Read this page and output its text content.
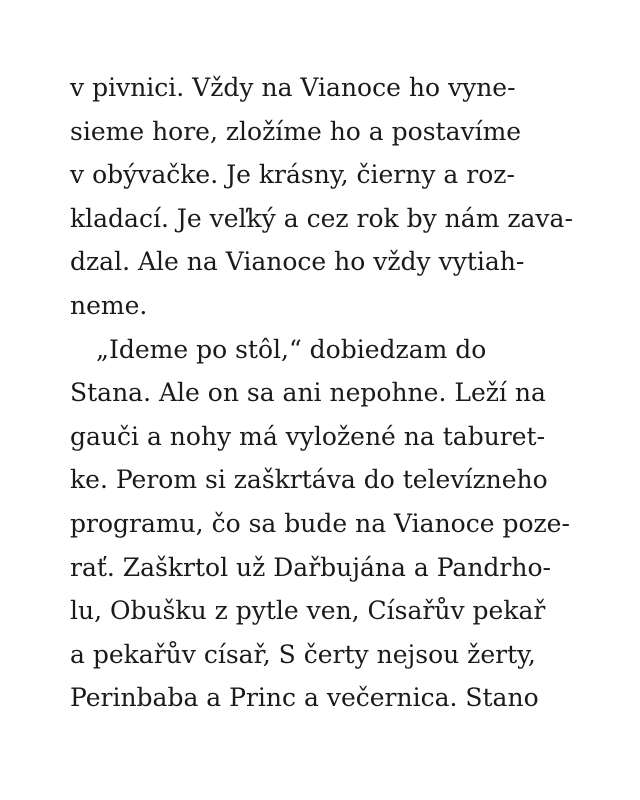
v pivnici. Vždy na Vianoce ho vyne-
sieme hore, zložíme ho a postavíme
v obývačke. Je krásny, čierny a roz-
kladací. Je veľký a cez rok by nám zava-
dzal. Ale na Vianoce ho vždy vytiah-
neme.
„Ideme po stôl,“ dobiedzam do
Stana. Ale on sa ani nepohne. Leží na
gauči a nohy má vyložené na taburet-
ke. Perom si zaškrtáva do televízneho
programu, čo sa bude na Vianoce poze-
rať. Zaškrtol už Dařbujána a Pandrho-
lu, Obušku z pytle ven, Císařův pekař
a pekařův císař, S čerty nejsou žerty,
Perinbaba a Princ a večernica. Stano
